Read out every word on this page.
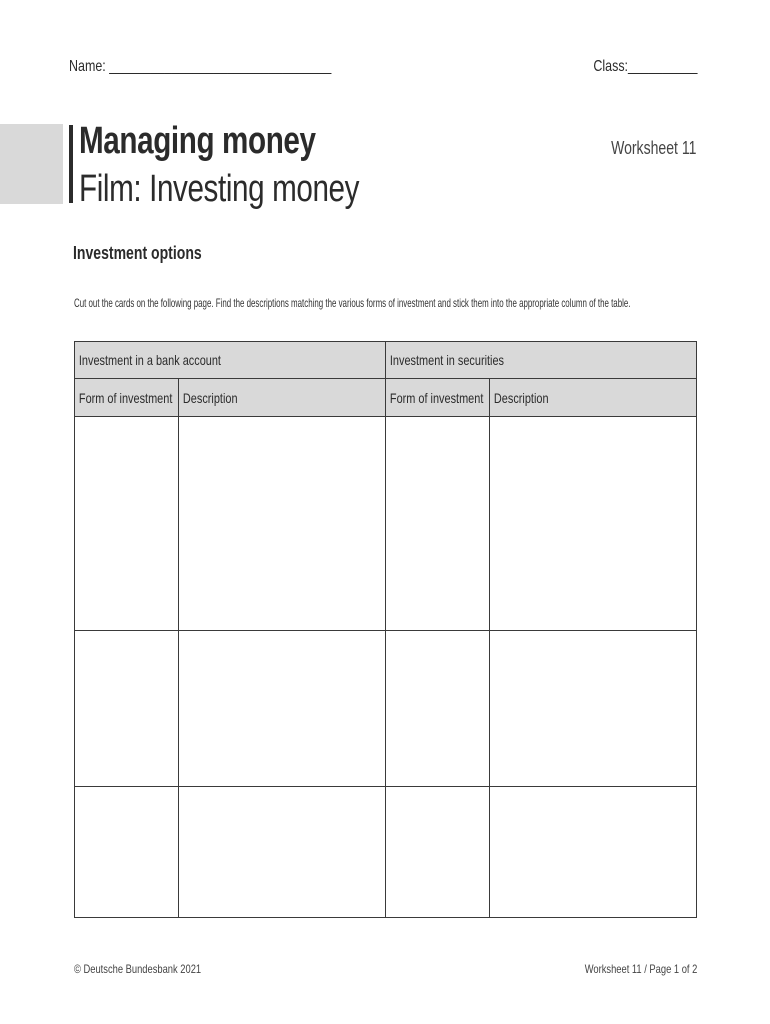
Name: ________________________________	Class:__________
Managing money
Film: Investing money
Worksheet 11
Investment options
Cut out the cards on the following page. Find the descriptions matching the various forms of investment and stick them into the appropriate column of the table.
Investment in a bank account		Investment in securities	
Form of investment	Description	Form of investment	Description

© Deutsche Bundesbank 2021	Worksheet 11 / Page 1 of 2
